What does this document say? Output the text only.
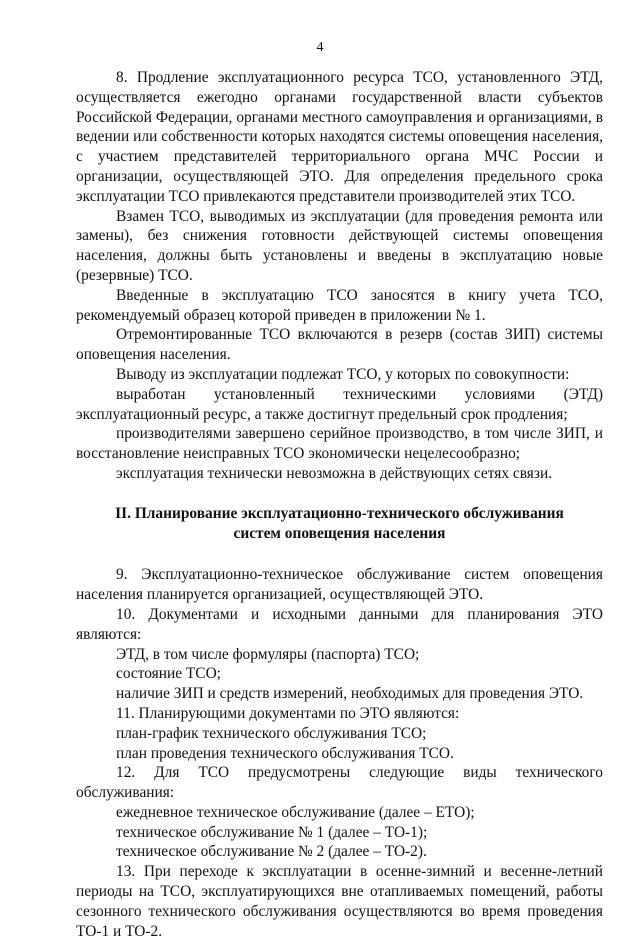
4

8. Продление эксплуатационного ресурса ТСО, установленного ЭТД, осуществляется ежегодно органами государственной власти субъектов Российской Федерации, органами местного самоуправления и организациями, в ведении или собственности которых находятся системы оповещения населения, с участием представителей территориального органа МЧС России и организации, осуществляющей ЭТО. Для определения предельного срока эксплуатации ТСО привлекаются представители производителей этих ТСО.

Взамен ТСО, выводимых из эксплуатации (для проведения ремонта или замены), без снижения готовности действующей системы оповещения населения, должны быть установлены и введены в эксплуатацию новые (резервные) ТСО.

Введенные в эксплуатацию ТСО заносятся в книгу учета ТСО, рекомендуемый образец которой приведен в приложении № 1.

Отремонтированные ТСО включаются в резерв (состав ЗИП) системы оповещения населения.

Выводу из эксплуатации подлежат ТСО, у которых по совокупности:

выработан установленный техническими условиями (ЭТД) эксплуатационный ресурс, а также достигнут предельный срок продления;

производителями завершено серийное производство, в том числе ЗИП, и восстановление неисправных ТСО экономически нецелесообразно;

эксплуатация технически невозможна в действующих сетях связи.

II. Планирование эксплуатационно-технического обслуживания
систем оповещения населения

9. Эксплуатационно-техническое обслуживание систем оповещения населения планируется организацией, осуществляющей ЭТО.

10. Документами и исходными данными для планирования ЭТО являются:

ЭТД, в том числе формуляры (паспорта) ТСО;

состояние ТСО;

наличие ЗИП и средств измерений, необходимых для проведения ЭТО.

11. Планирующими документами по ЭТО являются:

план-график технического обслуживания ТСО;

план проведения технического обслуживания ТСО.

12. Для ТСО предусмотрены следующие виды технического обслуживания:

ежедневное техническое обслуживание (далее – ЕТО);

техническое обслуживание № 1 (далее – ТО-1);

техническое обслуживание № 2 (далее – ТО-2).

13. При переходе к эксплуатации в осенне-зимний и весенне-летний периоды на ТСО, эксплуатирующихся вне отапливаемых помещений, работы сезонного технического обслуживания осуществляются во время проведения ТО-1 и ТО-2.
